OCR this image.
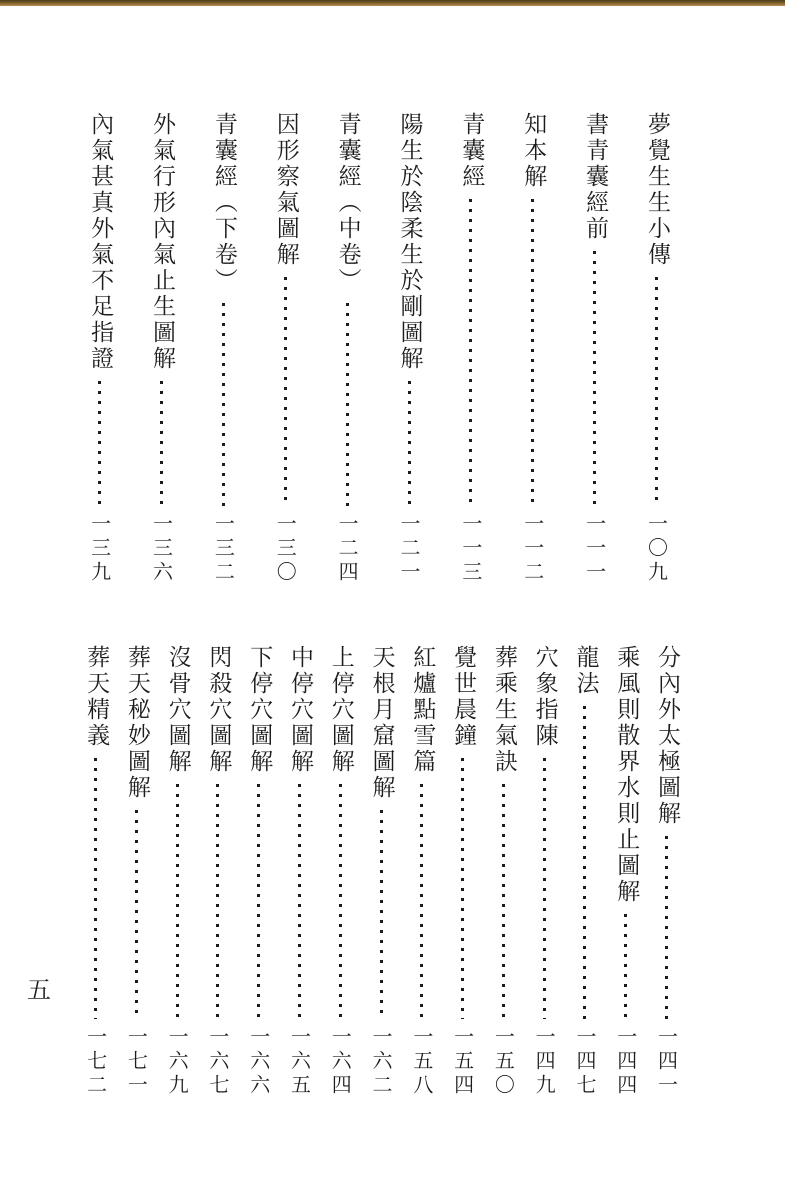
夢覺生生小傳
一〇九
書青囊經前
一一一
知本解
一一二
青囊經
一一三
陽生於陰柔生於剛圖解
一二一
青囊經（中卷）
一二四
因形察氣圖解
一三〇
青囊經（下卷）
一三二
外氣行形內氣止生圖解
一三六
內氣甚真外氣不足指證
一三九
分內外太極圖解
一四一
乘風則散界水則止圖解
一四四
龍法
一四七
穴象指陳
一四九
葬乘生氣訣
一五〇
覺世晨鐘
一五四
紅爐點雪篇
一五八
天根月窟圖解
一六二
上停穴圖解
一六四
中停穴圖解
一六五
下停穴圖解
一六六
閃殺穴圖解
一六七
沒骨穴圖解
一六九
葬天秘妙圖解
一七一
葬天精義
一七二
五
